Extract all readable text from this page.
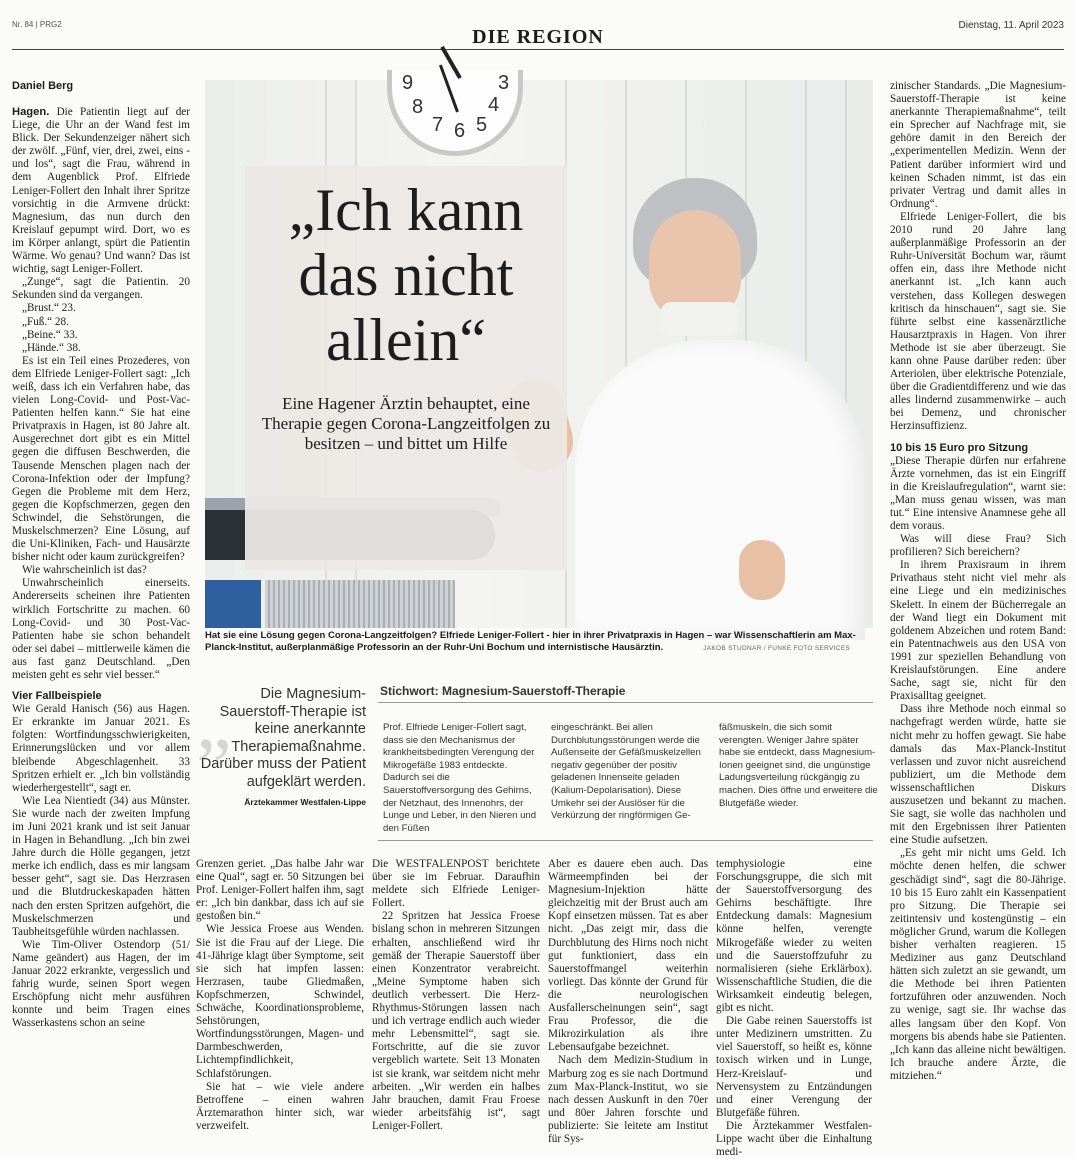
Nr. 84 | PRG2
DIE REGION
Dienstag, 11. April 2023
Daniel Berg

Hagen. Die Patientin liegt auf der Liege, die Uhr an der Wand fest im Blick. Der Sekundenzeiger nähert sich der zwölf. „Fünf, vier, drei, zwei, eins - und los“, sagt die Frau, während in dem Augenblick Prof. Elfriede Leniger-Follert den Inhalt ihrer Spritze vorsichtig in die Armvene drückt: Magnesium, das nun durch den Kreislauf gepumpt wird. Dort, wo es im Körper anlangt, spürt die Patientin Wärme. Wo genau? Und wann? Das ist wichtig, sagt Leniger-Follert.

„Zunge“, sagt die Patientin. 20 Sekunden sind da vergangen.

„Brust.“ 23.

„Fuß.“ 28.

„Beine.“ 33.

„Hände.“ 38.

Es ist ein Teil eines Prozederes, von dem Elfriede Leniger-Follert sagt: „Ich weiß, dass ich ein Verfahren habe, das vielen Long-Covid- und Post-Vac-Patienten helfen kann.“ Sie hat eine Privatpraxis in Hagen, ist 80 Jahre alt. Ausgerechnet dort gibt es ein Mittel gegen die diffusen Beschwerden, die Tausende Menschen plagen nach der Corona-Infektion oder der Impfung? Gegen die Probleme mit dem Herz, gegen die Kopfschmerzen, gegen den Schwindel, die Sehstörungen, die Muskelschmerzen? Eine Lösung, auf die Uni-Kliniken, Fach- und Hausärzte bisher nicht oder kaum zurückgreifen?

Wie wahrscheinlich ist das?

Unwahrscheinlich einerseits. Andererseits scheinen ihre Patienten wirklich Fortschritte zu machen. 60 Long-Covid- und 30 Post-Vac-Patienten habe sie schon behandelt oder sei dabei – mittlerweile kämen die aus fast ganz Deutschland. „Den meisten geht es sehr viel besser.“

Vier Fallbeispiele

Wie Gerald Hanisch (56) aus Hagen. Er erkrankte im Januar 2021. Es folgten: Wortfindungsschwierigkeiten, Erinnerungslücken und vor allem bleibende Abgeschlagenheit. 33 Spritzen erhielt er. „Ich bin vollständig wiederhergestellt“, sagt er.

Wie Lea Nientiedt (34) aus Münster. Sie wurde nach der zweiten Impfung im Juni 2021 krank und ist seit Januar in Hagen in Behandlung. „Ich bin zwei Jahre durch die Hölle gegangen, jetzt merke ich endlich, dass es mir langsam besser geht“, sagt sie. Das Herzrasen und die Blutdruckeskapaden hätten nach den ersten Spritzen aufgehört, die Muskelschmerzen und Taubheitsgefühle würden nachlassen.

Wie Tim-Oliver Ostendorp (51/ Name geändert) aus Hagen, der im Januar 2022 erkrankte, vergesslich und fahrig wurde, seinen Sport wegen Erschöpfung nicht mehr ausführen konnte und beim Tragen eines Wasserkastens schon an seine

9
8
7 6 5
4
3
„Ich kann das nicht allein“
Eine Hagener Ärztin behauptet, eine Therapie gegen Corona-Langzeitfolgen zu besitzen – und bittet um Hilfe
Hat sie eine Lösung gegen Corona-Langzeitfolgen? Elfriede Leniger-Follert - hier in ihrer Privatpraxis in Hagen – war Wissenschaftlerin am Max-Planck-Institut, außerplanmäßige Professorin an der Ruhr-Uni Bochum und internistische Hausärztin.	JAKOB STUDNAR / FUNKE FOTO SERVICES
„	Die Magnesium-Sauerstoff-Therapie ist keine anerkannte Therapiemaßnahme. Darüber muss der Patient aufgeklärt werden.
Ärztekammer Westfalen-Lippe
Stichwort: Magnesium-Sauerstoff-Therapie
Prof. Elfriede Leniger-Follert sagt, dass sie den Mechanismus der krankheitsbedingten Verengung der Mikrogefäße 1983 entdeckte. Dadurch sei die Sauerstoffversorgung des Gehirns, der Netzhaut, des Innenohrs, der Lunge und Leber, in den Nieren und den Füßen
eingeschränkt. Bei allen Durchblutungsstörungen werde die Außenseite der Gefäßmuskelzellen negativ gegenüber der positiv geladenen Innenseite geladen (Kalium-Depolarisation). Diese Umkehr sei der Auslöser für die Verkürzung der ringförmigen Ge-
fäßmuskeln, die sich somit verengten. Weniger Jahre später habe sie entdeckt, dass Magnesium-Ionen geeignet sind, die ungünstige Ladungsverteilung rückgängig zu machen. Dies öffne und erweitere die Blutgefäße wieder.

Grenzen geriet. „Das halbe Jahr war eine Qual“, sagt er. 50 Sitzungen bei Prof. Leniger-Follert halfen ihm, sagt er: „Ich bin dankbar, dass ich auf sie gestoßen bin.“

Wie Jessica Froese aus Wenden. Sie ist die Frau auf der Liege. Die 41-Jährige klagt über Symptome, seit sie sich hat impfen lassen: Herzrasen, taube Gliedmaßen, Kopfschmerzen, Schwindel, Schwäche, Koordinationsprobleme, Sehstörungen, Wortfindungsstörungen, Magen- und Darmbeschwerden, Lichtempfindlichkeit, Schlafstörungen.

Sie hat – wie viele andere Betroffene – einen wahren Ärztemarathon hinter sich, war verzweifelt.

Die WESTFALENPOST berichtete über sie im Februar. Daraufhin meldete sich Elfriede Leniger-Follert.

22 Spritzen hat Jessica Froese bislang schon in mehreren Sitzungen erhalten, anschließend wird ihr gemäß der Therapie Sauerstoff über einen Konzentrator verabreicht. „Meine Symptome haben sich deutlich verbessert. Die Herz-Rhythmus-Störungen lassen nach und ich vertrage endlich auch wieder mehr Lebensmittel“, sagt sie. Fortschritte, auf die sie zuvor vergeblich wartete. Seit 13 Monaten ist sie krank, war seitdem nicht mehr arbeiten. „Wir werden ein halbes Jahr brauchen, damit Frau Froese wieder arbeitsfähig ist“, sagt Leniger-Follert.

Aber es dauere eben auch. Das Wärmeempfinden bei der Magnesium-Injektion hätte gleichzeitig mit der Brust auch am Kopf einsetzen müssen. Tat es aber nicht. „Das zeigt mir, dass die Durchblutung des Hirns noch nicht gut funktioniert, dass ein Sauerstoffmangel weiterhin vorliegt. Das könnte der Grund für die neurologischen Ausfallerscheinungen sein“, sagt Frau Professor, die die Mikrozirkulation als ihre Lebensaufgabe bezeichnet.

Nach dem Medizin-Studium in Marburg zog es sie nach Dortmund zum Max-Planck-Institut, wo sie nach dessen Auskunft in den 70er und 80er Jahren forschte und publizierte: Sie leitete am Institut für Sys-

temphysiologie eine Forschungsgruppe, die sich mit der Sauerstoffversorgung des Gehirns beschäftigte. Ihre Entdeckung damals: Magnesium könne helfen, verengte Mikrogefäße wieder zu weiten und die Sauerstoffzufuhr zu normalisieren (siehe Erklärbox). Wissenschaftliche Studien, die die Wirksamkeit eindeutig belegen, gibt es nicht.

Die Gabe reinen Sauerstoffs ist unter Medizinern umstritten. Zu viel Sauerstoff, so heißt es, könne toxisch wirken und in Lunge, Herz-Kreislauf- und Nervensystem zu Entzündungen und einer Verengung der Blutgefäße führen.

Die Ärztekammer Westfalen-Lippe wacht über die Einhaltung medi-

zinischer Standards. „Die Magnesium-Sauerstoff-Therapie ist keine anerkannte Therapiemaßnahme“, teilt ein Sprecher auf Nachfrage mit, sie gehöre damit in den Bereich der „experimentellen Medizin. Wenn der Patient darüber informiert wird und keinen Schaden nimmt, ist das ein privater Vertrag und damit alles in Ordnung“.

Elfriede Leniger-Follert, die bis 2010 rund 20 Jahre lang außerplanmäßige Professorin an der Ruhr-Universität Bochum war, räumt offen ein, dass ihre Methode nicht anerkannt ist. „Ich kann auch verstehen, dass Kollegen deswegen kritisch da hinschauen“, sagt sie. Sie führte selbst eine kassenärztliche Hausarztpraxis in Hagen. Von ihrer Methode ist sie aber überzeugt. Sie kann ohne Pause darüber reden: über Arteriolen, über elektrische Potenziale, über die Gradientdifferenz und wie das alles lindernd zusammenwirke – auch bei Demenz, und chronischer Herzinsuffizienz.

10 bis 15 Euro pro Sitzung

„Diese Therapie dürfen nur erfahrene Ärzte vornehmen, das ist ein Eingriff in die Kreislaufregulation“, warnt sie: „Man muss genau wissen, was man tut.“ Eine intensive Anamnese gehe all dem voraus.

Was will diese Frau? Sich profilieren? Sich bereichern?

In ihrem Praxisraum in ihrem Privathaus steht nicht viel mehr als eine Liege und ein medizinisches Skelett. In einem der Bücherregale an der Wand liegt ein Dokument mit goldenem Abzeichen und rotem Band: ein Patentnachweis aus den USA von 1991 zur speziellen Behandlung von Kreislaufstörungen. Eine andere Sache, sagt sie, nicht für den Praxisalltag geeignet.

Dass ihre Methode noch einmal so nachgefragt werden würde, hatte sie nicht mehr zu hoffen gewagt. Sie habe damals das Max-Planck-Institut verlassen und zuvor nicht ausreichend publiziert, um die Methode dem wissenschaftlichen Diskurs auszusetzen und bekannt zu machen. Sie sagt, sie wolle das nachholen und mit den Ergebnissen ihrer Patienten eine Studie aufsetzen.

„Es geht mir nicht ums Geld. Ich möchte denen helfen, die schwer geschädigt sind“, sagt die 80-Jährige. 10 bis 15 Euro zahlt ein Kassenpatient pro Sitzung. Die Therapie sei zeitintensiv und kostengünstig – ein möglicher Grund, warum die Kollegen bisher verhalten reagieren. 15 Mediziner aus ganz Deutschland hätten sich zuletzt an sie gewandt, um die Methode bei ihren Patienten fortzuführen oder anzuwenden. Noch zu wenige, sagt sie. Ihr wachse das alles langsam über den Kopf. Von morgens bis abends habe sie Patienten. „Ich kann das alleine nicht bewältigen. Ich brauche andere Ärzte, die mitziehen.“
